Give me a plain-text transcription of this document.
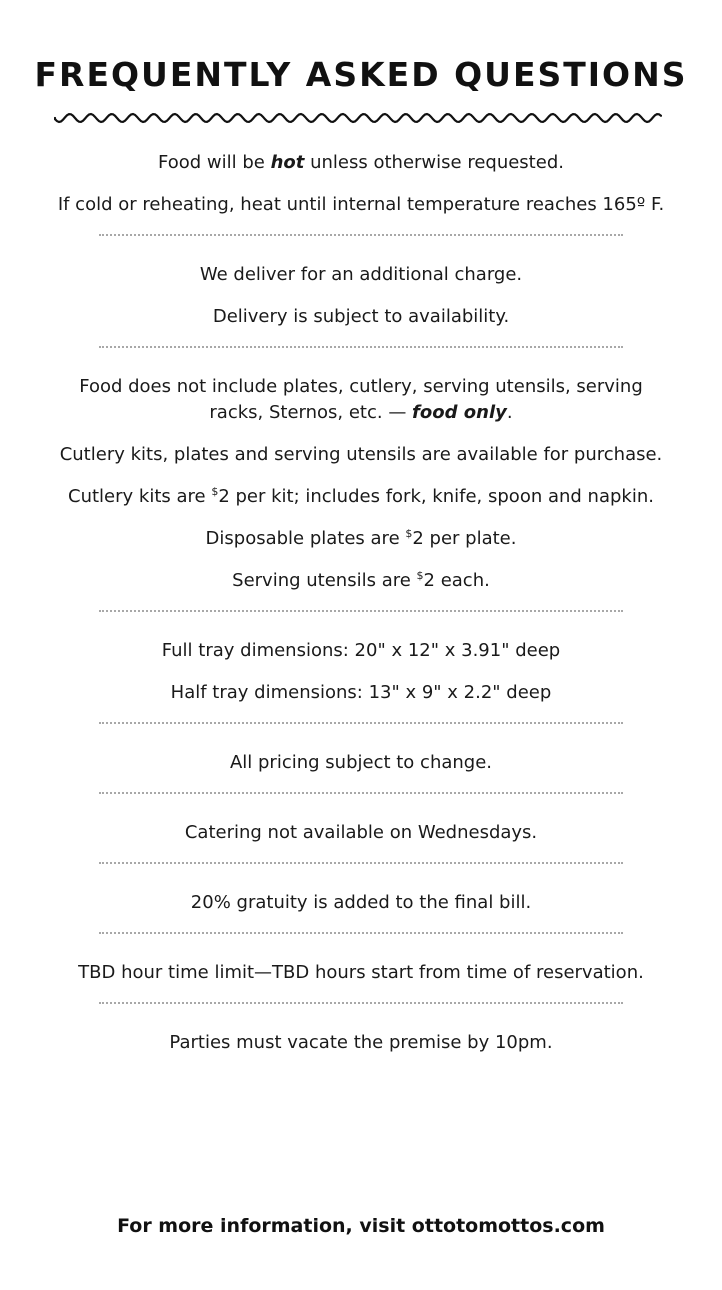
FREQUENTLY ASKED QUESTIONS

Food will be hot unless otherwise requested.

If cold or reheating, heat until internal temperature reaches 165º F.

We deliver for an additional charge.

Delivery is subject to availability.

Food does not include plates, cutlery, serving utensils, serving racks, Sternos, etc. — food only.

Cutlery kits, plates and serving utensils are available for purchase.

Cutlery kits are $2 per kit; includes fork, knife, spoon and napkin.

Disposable plates are $2 per plate.

Serving utensils are $2 each.

Full tray dimensions: 20" x 12" x 3.91" deep

Half tray dimensions: 13" x 9" x 2.2" deep

All pricing subject to change.

Catering not available on Wednesdays.

20% gratuity is added to the final bill.

TBD hour time limit—TBD hours start from time of reservation.

Parties must vacate the premise by 10pm.

For more information, visit ottotomottos.com
